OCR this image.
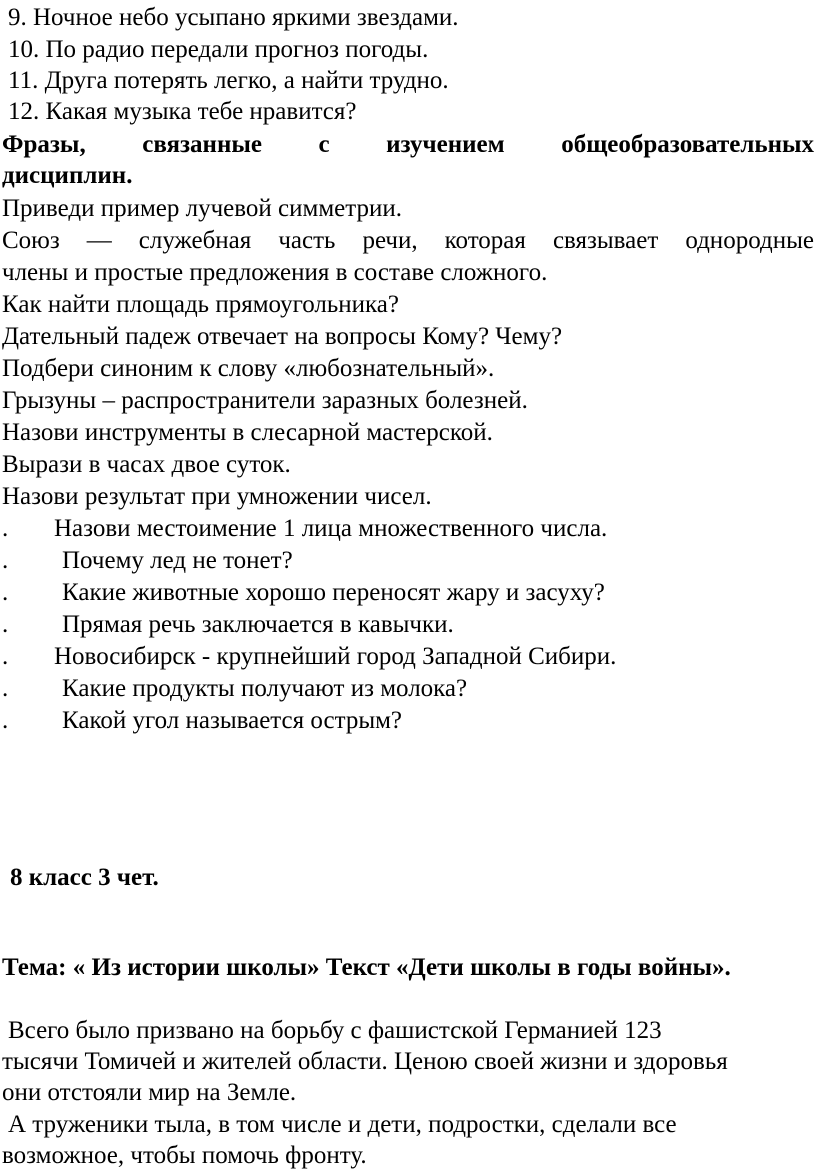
9. Ночное небо усыпано яркими звездами.
10. По радио передали прогноз погоды.
11. Друга потерять легко, а найти трудно.
12. Какая музыка тебе нравится?
Фразы, связанные с изучением общеобразовательных
дисциплин.
Приведи пример лучевой симметрии.
Союз — служебная часть речи, которая связывает однородные
члены и простые предложения в составе сложного.
Как найти площадь прямоугольника?
Дательный падеж отвечает на вопросы Кому? Чему?
Подбери синоним к слову «любознательный».
Грызуны – распространители заразных болезней.
Назови инструменты в слесарной мастерской.
Вырази в часах двое суток.
Назови результат при умножении чисел.
. Назови местоимение 1 лица множественного числа.
. Почему лед не тонет?
. Какие животные хорошо переносят жару и засуху?
. Прямая речь заключается в кавычки.
. Новосибирск - крупнейший город Западной Сибири.
. Какие продукты получают из молока?
. Какой угол называется острым?
8 класс 3 чет.
Тема: « Из истории школы» Текст «Дети школы в годы войны».
Всего было призвано на борьбу с фашистской Германией 123
тысячи Томичей и жителей области. Ценою своей жизни и здоровья
они отстояли мир на Земле.
А труженики тыла, в том числе и дети, подростки, сделали все
возможное, чтобы помочь фронту.
